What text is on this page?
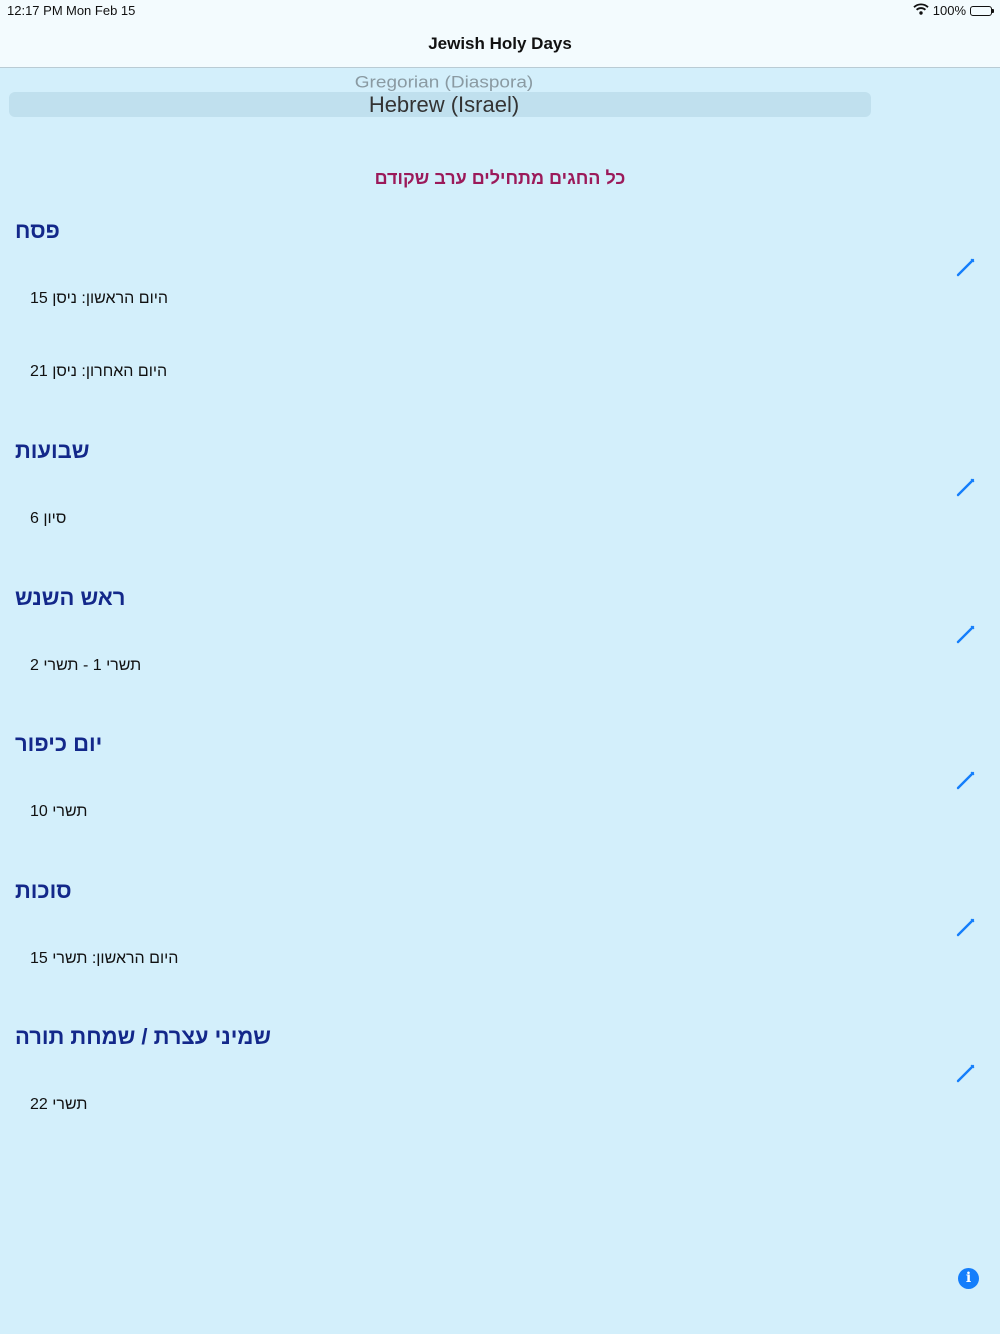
12:17 PM Mon Feb 15	100%
Jewish Holy Days
Gregorian (Diaspora)
Hebrew (Israel)
כל החגים מתחילים ערב שקודם
פסח
15 היום הראשון: ניסן
21 היום האחרון: ניסן
שבועות
6 סיון
ראש השנש
2 תשרי - 1 תשרי
יום כיפור
10 תשרי
סוכות
15	היום הראשון: תשרי
שמיני עצרת / שמחת תורה
22 תשרי
i
